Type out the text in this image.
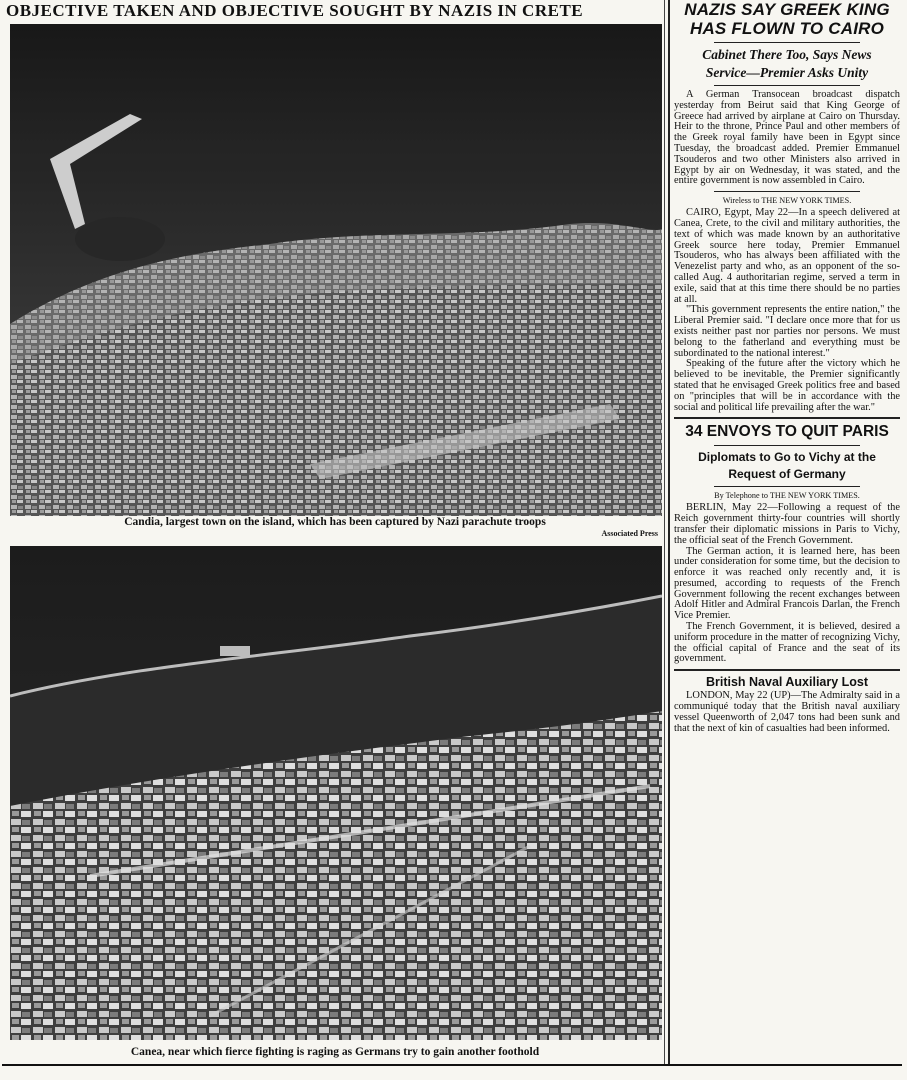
OBJECTIVE TAKEN AND OBJECTIVE SOUGHT BY NAZIS IN CRETE
Candia, largest town on the island, which has been captured by Nazi parachute troops
Associated Press
Canea, near which fierce fighting is raging as Germans try to gain another foothold
NAZIS SAY GREEK KING
HAS FLOWN TO CAIRO
Cabinet There Too, Says News
Service—Premier Asks Unity

A German Transocean broadcast dispatch yesterday from Beirut said that King George of Greece had arrived by airplane at Cairo on Thursday. Heir to the throne, Prince Paul and other members of the Greek royal family have been in Egypt since Tuesday, the broadcast added. Premier Emmanuel Tsouderos and two other Ministers also arrived in Egypt by air on Wednesday, it was stated, and the entire government is now assembled in Cairo.

Wireless to THE NEW YORK TIMES.

CAIRO, Egypt, May 22—In a speech delivered at Canea, Crete, to the civil and military authorities, the text of which was made known by an authoritative Greek source here today, Premier Emmanuel Tsouderos, who has always been affiliated with the Venezelist party and who, as an opponent of the so-called Aug. 4 authoritarian regime, served a term in exile, said that at this time there should be no parties at all.

"This government represents the entire nation," the Liberal Premier said. "I declare once more that for us exists neither past nor parties nor persons. We must belong to the fatherland and everything must be subordinated to the national interest."

Speaking of the future after the victory which he believed to be inevitable, the Premier significantly stated that he envisaged Greek politics free and based on "principles that will be in accordance with the social and political life prevailing after the war."

34 ENVOYS TO QUIT PARIS
Diplomats to Go to Vichy at the
Request of Germany
By Telephone to THE NEW YORK TIMES.

BERLIN, May 22—Following a request of the Reich government thirty-four countries will shortly transfer their diplomatic missions in Paris to Vichy, the official seat of the French Government.

The German action, it is learned here, has been under consideration for some time, but the decision to enforce it was reached only recently and, it is presumed, according to requests of the French Government following the recent exchanges between Adolf Hitler and Admiral Francois Darlan, the French Vice Premier.

The French Government, it is believed, desired a uniform procedure in the matter of recognizing Vichy, the official capital of France and the seat of its government.

British Naval Auxiliary Lost

LONDON, May 22 (UP)—The Admiralty said in a communiqué today that the British naval auxiliary vessel Queenworth of 2,047 tons had been sunk and that the next of kin of casualties had been informed.
